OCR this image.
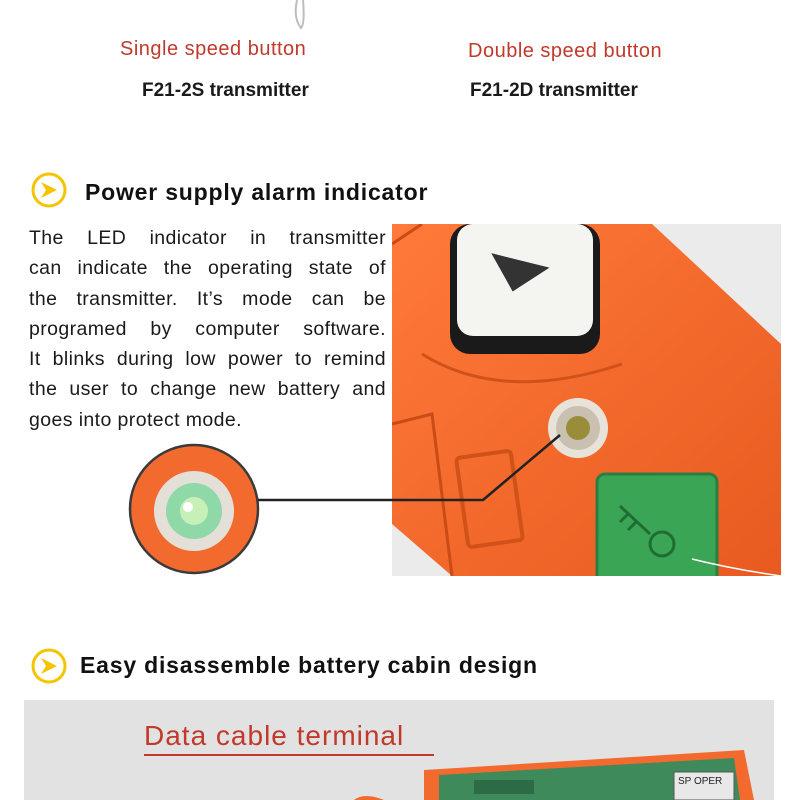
Single speed button
F21-2S transmitter
Double speed button
F21-2D transmitter
Power supply alarm indicator
The LED indicator in transmitter
can indicate the operating state of
the transmitter. It’s mode can be
programed by computer software.
It blinks during low power to remind
the user to change new battery and
goes into protect mode.
Easy disassemble battery cabin design
Data cable terminal
SP OPER
